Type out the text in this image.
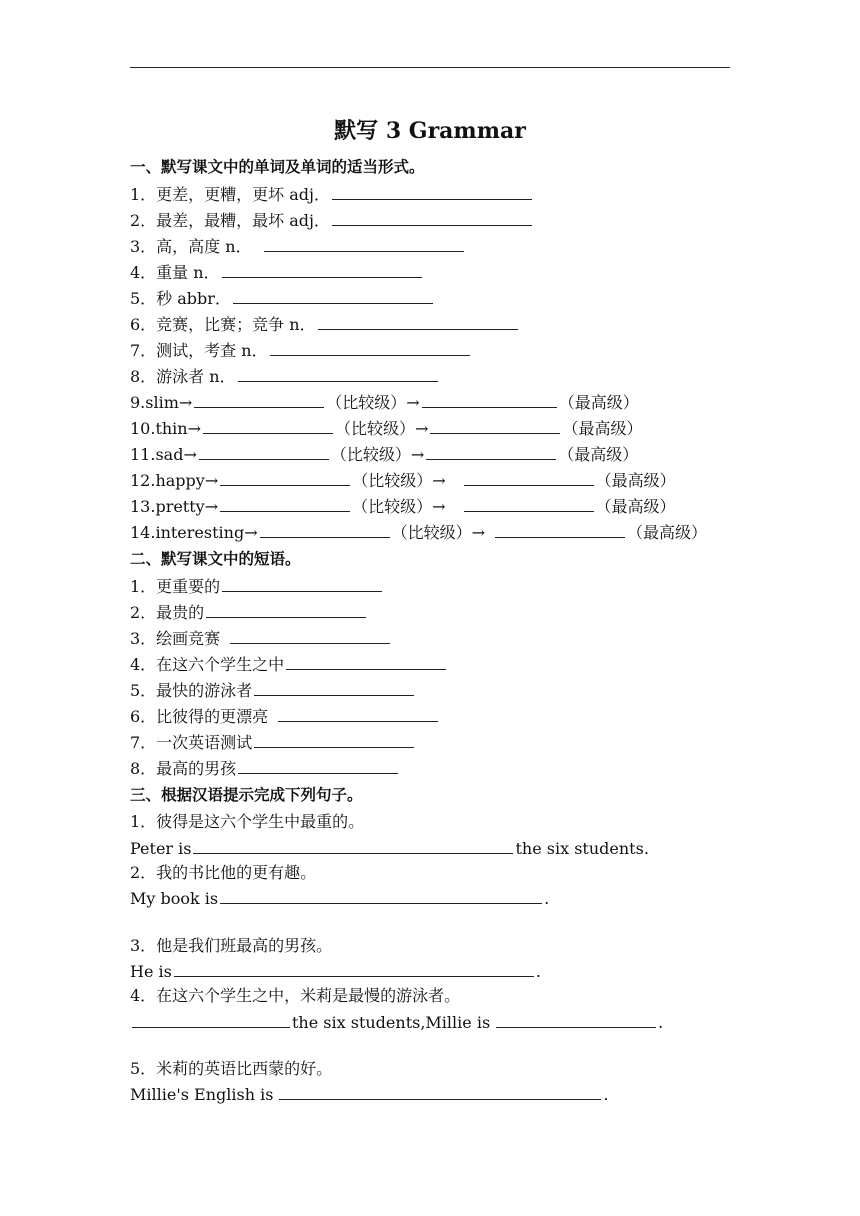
默写 3 Grammar
一、默写课文中的单词及单词的适当形式。
1．更差，更糟，更坏 adj．
2．最差，最糟，最坏 adj．
3．高，高度 n．
4．重量 n．
5．秒 abbr．
6．竞赛，比赛；竞争 n．
7．测试，考查 n．
8．游泳者 n．
9.slim→	（比较级）→	（最高级）
10.thin→	（比较级）→	（最高级）
11.sad→	（比较级）→	（最高级）
12.happy→	（比较级）→	（最高级）
13.pretty→	（比较级）→	（最高级）
14.interesting→	（比较级）→	（最高级）
二、默写课文中的短语。
1．更重要的
2．最贵的
3．绘画竞赛
4．在这六个学生之中
5．最快的游泳者
6．比彼得的更漂亮
7．一次英语测试
8．最高的男孩
三、根据汉语提示完成下列句子。
1．彼得是这六个学生中最重的。
Peter is	the six students.
2．我的书比他的更有趣。
My book is	.
3．他是我们班最高的男孩。
He is	.
4．在这六个学生之中，米莉是最慢的游泳者。
the six students,Millie is	.
5．米莉的英语比西蒙的好。
Millie's English is	.
